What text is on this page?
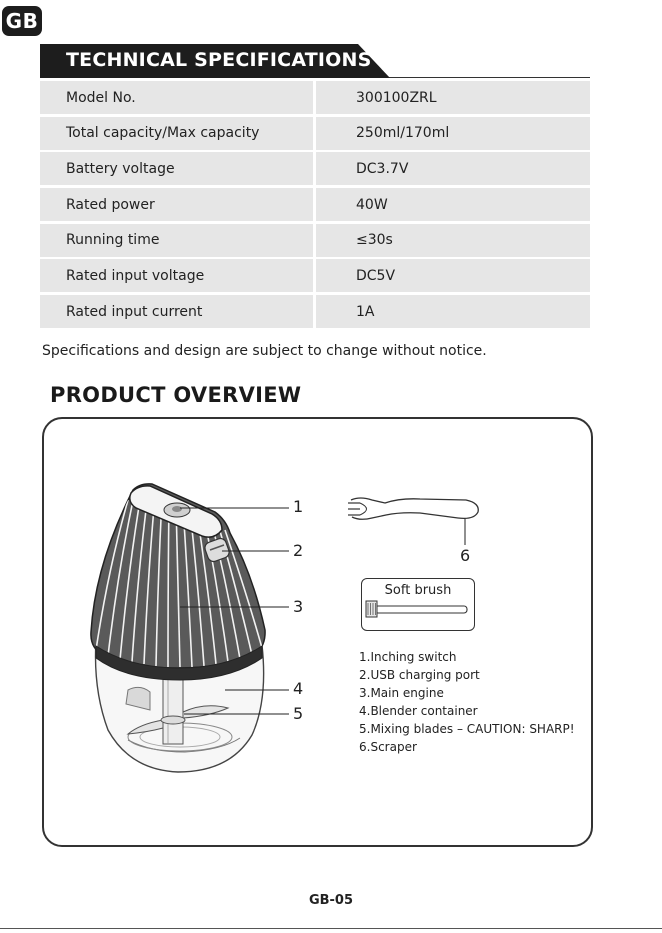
GB
TECHNICAL SPECIFICATIONS
Model No.	300100ZRL
Total capacity/Max capacity	250ml/170ml
Battery voltage	DC3.7V
Rated power	40W
Running time	≤30s
Rated input voltage	DC5V
Rated input current	1A
Specifications and design are subject to change without notice.
PRODUCT OVERVIEW
1
2
3
4
5
6
Soft brush
1.Inching switch
2.USB charging port
3.Main engine
4.Blender container
5.Mixing blades – CAUTION: SHARP!
6.Scraper
GB-05
